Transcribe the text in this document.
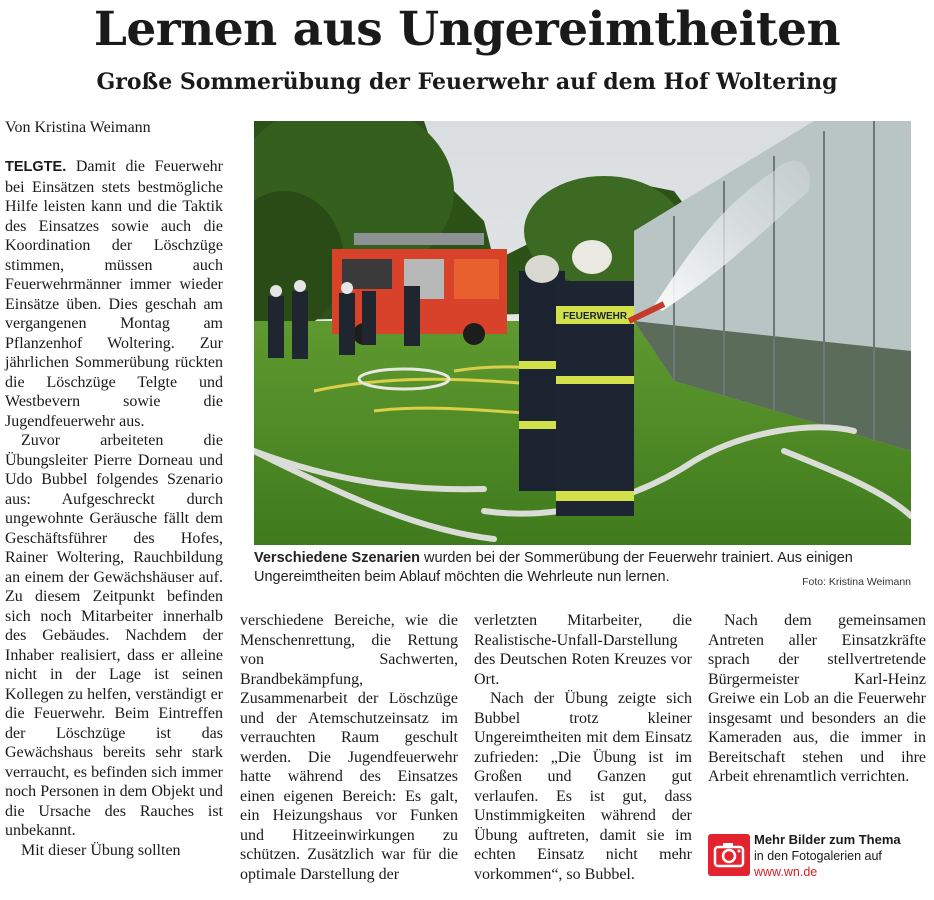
Lernen aus Ungereimtheiten
Große Sommerübung der Feuerwehr auf dem Hof Woltering
Von Kristina Weimann

TELGTE. Damit die Feuerwehr bei Einsätzen stets bestmögliche Hilfe leisten kann und die Taktik des Einsatzes sowie auch die Koordination der Löschzüge stimmen, müssen auch Feuerwehrmänner immer wieder Einsätze üben. Dies geschah am vergangenen Montag am Pflanzenhof Woltering. Zur jährlichen Sommerübung rückten die Löschzüge Telgte und Westbevern sowie die Jugendfeuerwehr aus.

Zuvor arbeiteten die Übungsleiter Pierre Dorneau und Udo Bubbel folgendes Szenario aus: Aufgeschreckt durch ungewohnte Geräusche fällt dem Geschäftsführer des Hofes, Rainer Woltering, Rauchbildung an einem der Gewächshäuser auf. Zu diesem Zeitpunkt befinden sich noch Mitarbeiter innerhalb des Gebäudes. Nachdem der Inhaber realisiert, dass er alleine nicht in der Lage ist seinen Kollegen zu helfen, verständigt er die Feuerwehr. Beim Eintreffen der Löschzüge ist das Gewächshaus bereits sehr stark verraucht, es befinden sich immer noch Personen in dem Objekt und die Ursache des Rauches ist unbekannt.

Mit dieser Übung sollten

FEUERWEHR
Verschiedene Szenarien wurden bei der Sommerübung der Feuerwehr trainiert. Aus einigen Ungereimtheiten beim Ablauf möchten die Wehrleute nun lernen.	Foto: Kristina Weimann

verschiedene Bereiche, wie die Menschenrettung, die Rettung von Sachwerten, Brandbekämpfung, Zusammenarbeit der Löschzüge und der Atemschutzeinsatz im verrauchten Raum geschult werden. Die Jugendfeuerwehr hatte während des Einsatzes einen eigenen Bereich: Es galt, ein Heizungshaus vor Funken und Hitzeeinwirkungen zu schützen. Zusätzlich war für die optimale Darstellung der

verletzten Mitarbeiter, die Realistische-Unfall-Darstellung des Deutschen Roten Kreuzes vor Ort.

Nach der Übung zeigte sich Bubbel trotz kleiner Ungereimtheiten mit dem Einsatz zufrieden: „Die Übung ist im Großen und Ganzen gut verlaufen. Es ist gut, dass Unstimmigkeiten während der Übung auftreten, damit sie im echten Einsatz nicht mehr vorkommen“, so Bubbel.

Nach dem gemeinsamen Antreten aller Einsatzkräfte sprach der stellvertretende Bürgermeister Karl-Heinz Greiwe ein Lob an die Feuerwehr insgesamt und besonders an die Kameraden aus, die immer in Bereitschaft stehen und ihre Arbeit ehrenamtlich verrichten.

Mehr Bilder zum Thema
in den Fotogalerien auf
www.wn.de
